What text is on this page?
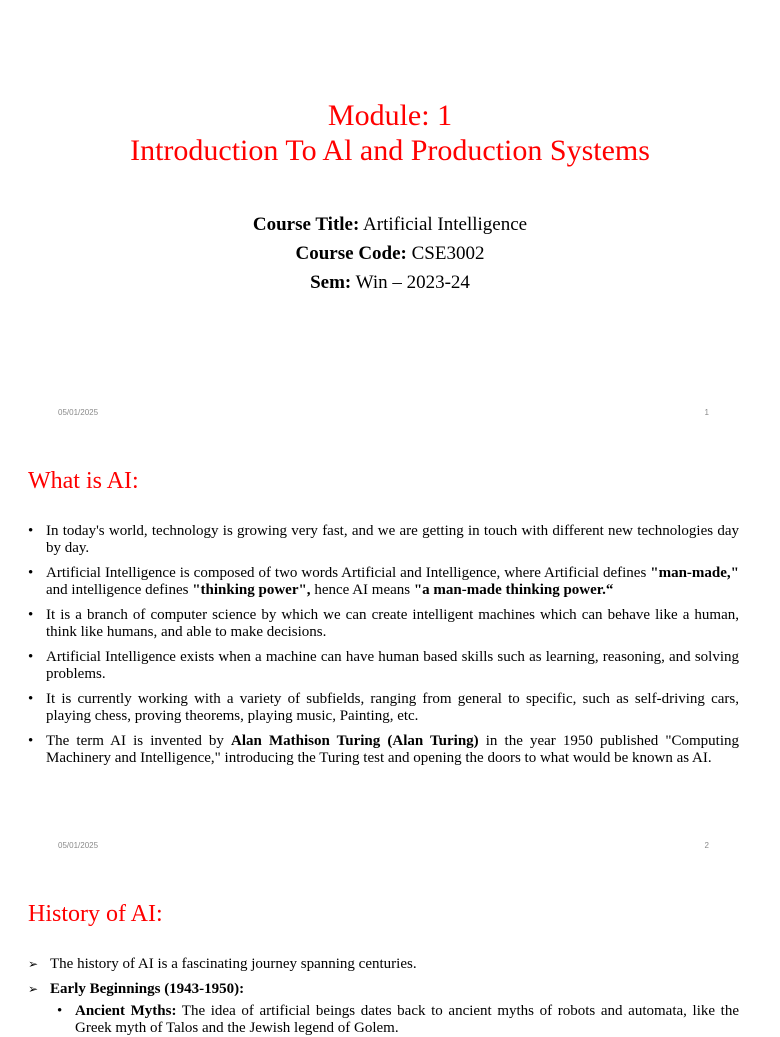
Module: 1
Introduction To Al and Production Systems
Course Title: Artificial Intelligence
Course Code: CSE3002
Sem: Win – 2023-24
05/01/2025	1
What is AI:
• In today's world, technology is growing very fast, and we are getting in touch with different new technologies day by day.
• Artificial Intelligence is composed of two words Artificial and Intelligence, where Artificial defines "man-made," and intelligence defines "thinking power", hence AI means "a man-made thinking power.“
• It is a branch of computer science by which we can create intelligent machines which can behave like a human, think like humans, and able to make decisions.
• Artificial Intelligence exists when a machine can have human based skills such as learning, reasoning, and solving problems.
• It is currently working with a variety of subfields, ranging from general to specific, such as self-driving cars, playing chess, proving theorems, playing music, Painting, etc.
• The term AI is invented by Alan Mathison Turing (Alan Turing) in the year 1950 published "Computing Machinery and Intelligence," introducing the Turing test and opening the doors to what would be known as AI.
05/01/2025	2
History of AI:
➢ The history of AI is a fascinating journey spanning centuries.
➢ Early Beginnings (1943-1950):
• Ancient Myths: The idea of artificial beings dates back to ancient myths of robots and automata, like the Greek myth of Talos and the Jewish legend of Golem.
